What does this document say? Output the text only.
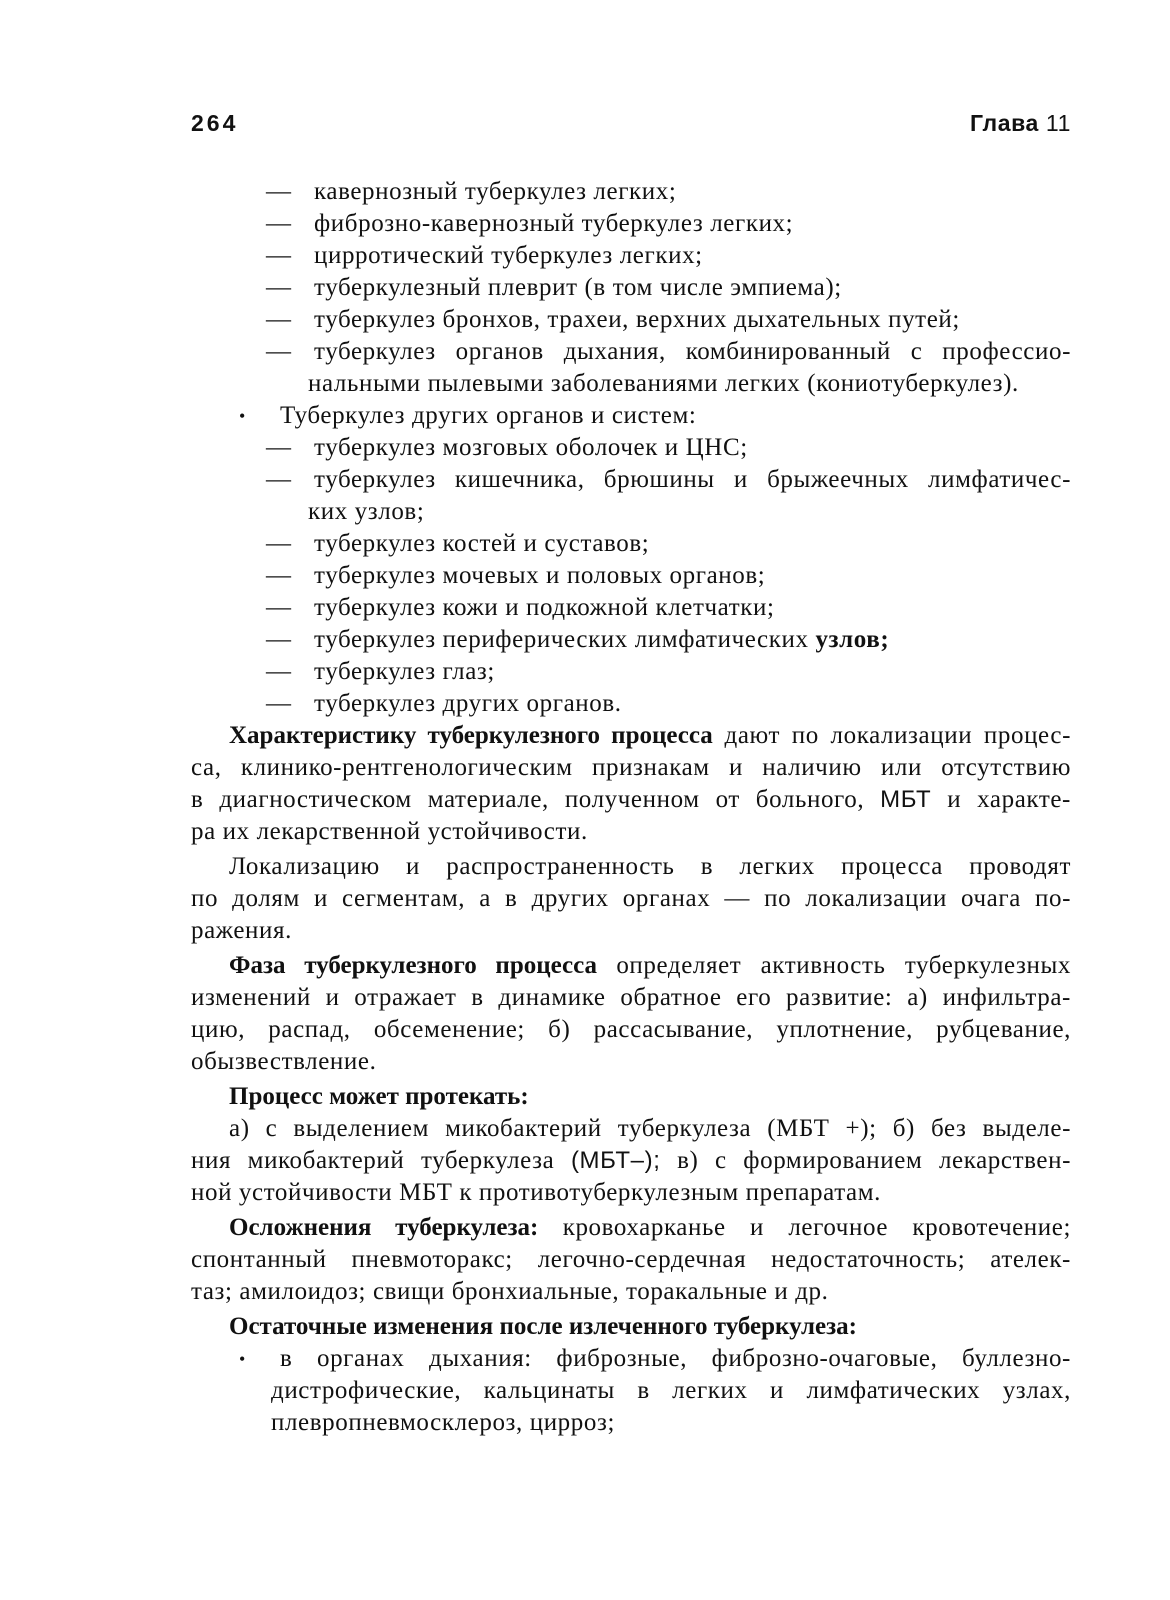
264	Глава 11
— кавернозный туберкулез легких;
— фиброзно-кавернозный туберкулез легких;
— цирротический туберкулез легких;
— туберкулезный плеврит (в том числе эмпиема);
— туберкулез бронхов, трахеи, верхних дыхательных путей;
— туберкулез органов дыхания, комбинированный с профессио-
нальными пылевыми заболеваниями легких (кониотуберкулез).
• Туберкулез других органов и систем:
— туберкулез мозговых оболочек и ЦНС;
— туберкулез кишечника, брюшины и брыжеечных лимфатичес-
ких узлов;
— туберкулез костей и суставов;
— туберкулез мочевых и половых органов;
— туберкулез кожи и подкожной клетчатки;
— туберкулез периферических лимфатических узлов;
— туберкулез глаз;
— туберкулез других органов.
Характеристику туберкулезного процесса дают по локализации процес-
са, клинико-рентгенологическим признакам и наличию или отсутствию
в диагностическом материале, полученном от больного, МБТ и характе-
ра их лекарственной устойчивости.
Локализацию и распространенность в легких процесса проводят
по долям и сегментам, а в других органах — по локализации очага по-
ражения.
Фаза туберкулезного процесса определяет активность туберкулезных
изменений и отражает в динамике обратное его развитие: а) инфильтра-
цию, распад, обсеменение; б) рассасывание, уплотнение, рубцевание,
обызвествление.
Процесс может протекать:
а) с выделением микобактерий туберкулеза (МБТ +); б) без выделе-
ния микобактерий туберкулеза (МБТ–); в) с формированием лекарствен-
ной устойчивости МБТ к противотуберкулезным препаратам.
Осложнения туберкулеза: кровохарканье и легочное кровотечение;
спонтанный пневмоторакс; легочно-сердечная недостаточность; ателек-
таз; амилоидоз; свищи бронхиальные, торакальные и др.
Остаточные изменения после излеченного туберкулеза:
• в органах дыхания: фиброзные, фиброзно-очаговые, буллезно-
дистрофические, кальцинаты в легких и лимфатических узлах,
плевропневмосклероз, цирроз;
